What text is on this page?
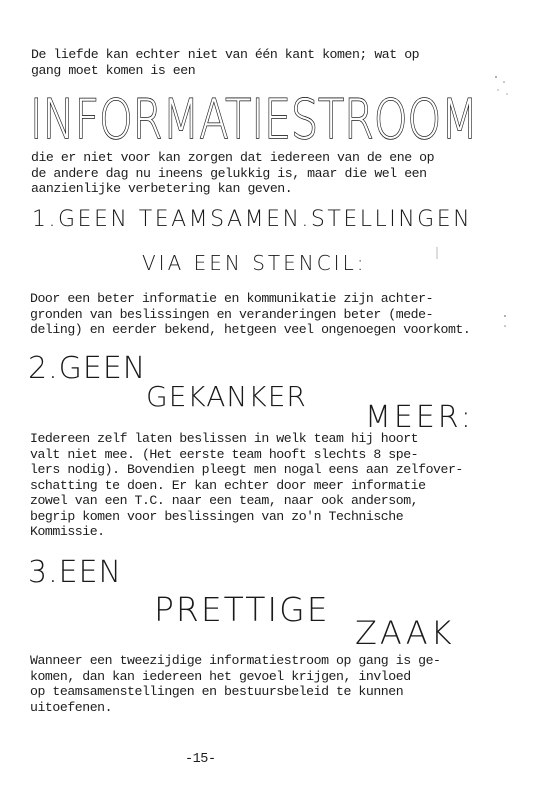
De liefde kan echter niet van één kant komen; wat op
gang moet komen is een

INFORMATIESTROOM

die er niet voor kan zorgen dat iedereen van de ene op
de andere dag nu ineens gelukkig is, maar die wel een
aanzienlijke verbetering kan geven.

1.GEEN TEAMSAMEN.STELLINGEN
VIA EEN STENCIL:

Door een beter informatie en kommunikatie zijn achter-
gronden van beslissingen en veranderingen beter (mede-
deling) en eerder bekend, hetgeen veel ongenoegen voorkomt.

2.GEEN
GEKANKER
MEER:

Iedereen zelf laten beslissen in welk team hij hoort
valt niet mee. (Het eerste team hooft slechts 8 spe-
lers nodig). Bovendien pleegt men nogal eens aan zelfover-
schatting te doen. Er kan echter door meer informatie
zowel van een T.C. naar een team, naar ook andersom,
begrip komen voor beslissingen van zo'n Technische
Kommissie.

3.EEN
PRETTIGE
ZAAK

Wanneer een tweezijdige informatiestroom op gang is ge-
komen, dan kan iedereen het gevoel krijgen, invloed
op teamsamenstellingen en bestuursbeleid te kunnen
uitoefenen.

-15-
